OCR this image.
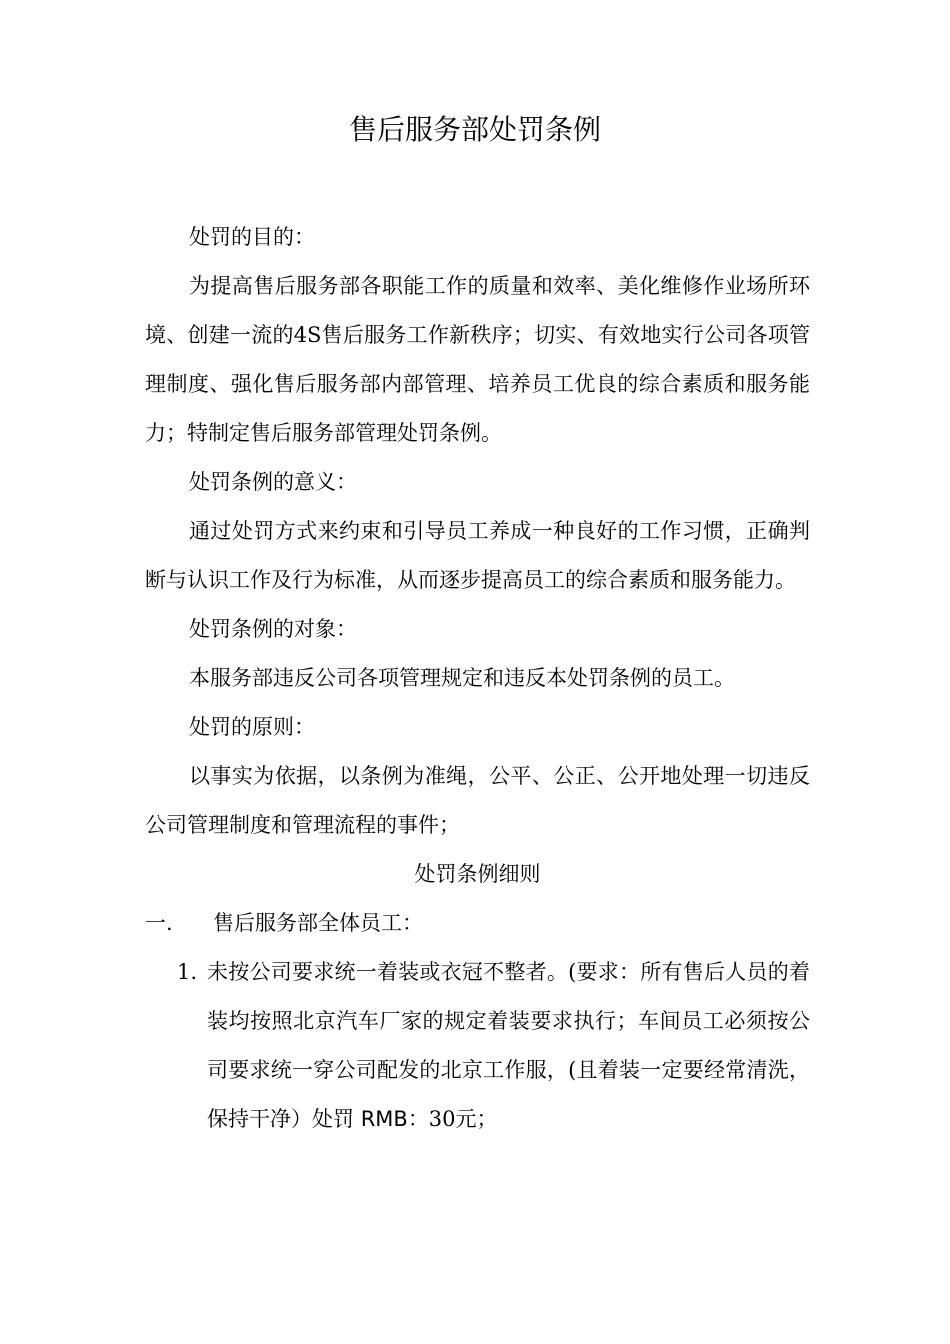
售后服务部处罚条例

处罚的目的：

为提高售后服务部各职能工作的质量和效率、美化维修作业场所环境、创建一流的4S售后服务工作新秩序；切实、有效地实行公司各项管理制度、强化售后服务部内部管理、培养员工优良的综合素质和服务能力；特制定售后服务部管理处罚条例。

处罚条例的意义：

通过处罚方式来约束和引导员工养成一种良好的工作习惯，正确判断与认识工作及行为标准，从而逐步提高员工的综合素质和服务能力。

处罚条例的对象：

本服务部违反公司各项管理规定和违反本处罚条例的员工。

处罚的原则：

以事实为依据，以条例为准绳，公平、公正、公开地处理一切违反公司管理制度和管理流程的事件；

处罚条例细则

一.	售后服务部全体员工：

1. 未按公司要求统一着装或衣冠不整者。(要求：所有售后人员的着装均按照北京汽车厂家的规定着装要求执行；车间员工必须按公司要求统一穿公司配发的北京工作服，(且着装一定要经常清洗，保持干净）处罚 RMB：30元；
